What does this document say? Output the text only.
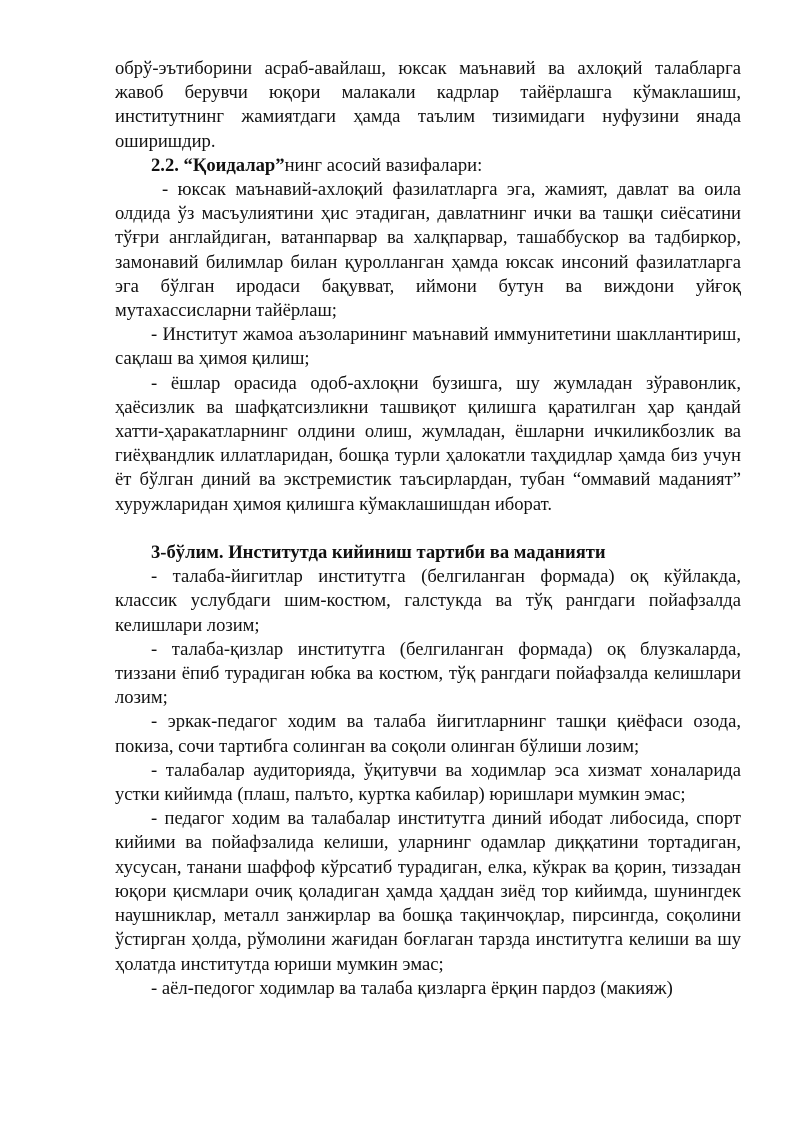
обрў-эътиборини асраб-авайлаш, юксак маънавий ва ахлоқий талабларга жавоб берувчи юқори малакали кадрлар тайёрлашга кўмаклашиш, институтнинг жамиятдаги ҳамда таълим тизимидаги нуфузини янада оширишдир.

2.2. “Қоидалар”нинг асосий вазифалари:

- юксак маънавий-ахлоқий фазилатларга эга, жамият, давлат ва оила олдида ўз масъулиятини ҳис этадиган, давлатнинг ички ва ташқи сиёсатини тўғри англайдиган, ватанпарвар ва халқпарвар, ташаббускор ва тадбиркор, замонавий билимлар билан қуролланган ҳамда юксак инсоний фазилатларга эга бўлган иродаси бақувват, иймони бутун ва виждони уйғоқ мутахассисларни тайёрлаш;

- Институт жамоа аъзоларининг маънавий иммунитетини шакллантириш, сақлаш ва ҳимоя қилиш;

- ёшлар орасида одоб-ахлоқни бузишга, шу жумладан зўравонлик, ҳаёсизлик ва шафқатсизликни ташвиқот қилишга қаратилган ҳар қандай хатти-ҳаракатларнинг олдини олиш, жумладан, ёшларни ичкиликбозлик ва гиёҳвандлик иллатларидан, бошқа турли ҳалокатли таҳдидлар ҳамда биз учун ёт бўлган диний ва экстремистик таъсирлардан, тубан “оммавий маданият” хуружларидан ҳимоя қилишга кўмаклашишдан иборат.

3-бўлим. Институтда кийиниш тартиби ва маданияти

- талаба-йигитлар институтга (белгиланган формада) оқ кўйлакда, классик услубдаги шим-костюм, галстукда ва тўқ рангдаги пойафзалда келишлари лозим;

- талаба-қизлар институтга (белгиланган формада) оқ блузкаларда, тиззани ёпиб турадиган юбка ва костюм, тўқ рангдаги пойафзалда келишлари лозим;

- эркак-педагог ходим ва талаба йигитларнинг ташқи қиёфаси озода, покиза, сочи тартибга солинган ва соқоли олинган бўлиши лозим;

- талабалар аудиторияда, ўқитувчи ва ходимлар эса хизмат хоналарида устки кийимда (плаш, палъто, куртка кабилар) юришлари мумкин эмас;

- педагог ходим ва талабалар институтга диний ибодат либосида, спорт кийими ва пойафзалида келиши, уларнинг одамлар диққатини тортадиган, хусусан, танани шаффоф кўрсатиб турадиган, елка, кўкрак ва қорин, тиззадан юқори қисмлари очиқ қоладиган ҳамда ҳаддан зиёд тор кийимда, шунингдек наушниклар, металл занжирлар ва бошқа тақинчоқлар, пирсингда, соқолини ўстирган ҳолда, рўмолини жағидан боғлаган тарзда институтга келиши ва шу ҳолатда институтда юриши мумкин эмас;

- аёл-педогог ходимлар ва талаба қизларга ёрқин пардоз (макияж)
